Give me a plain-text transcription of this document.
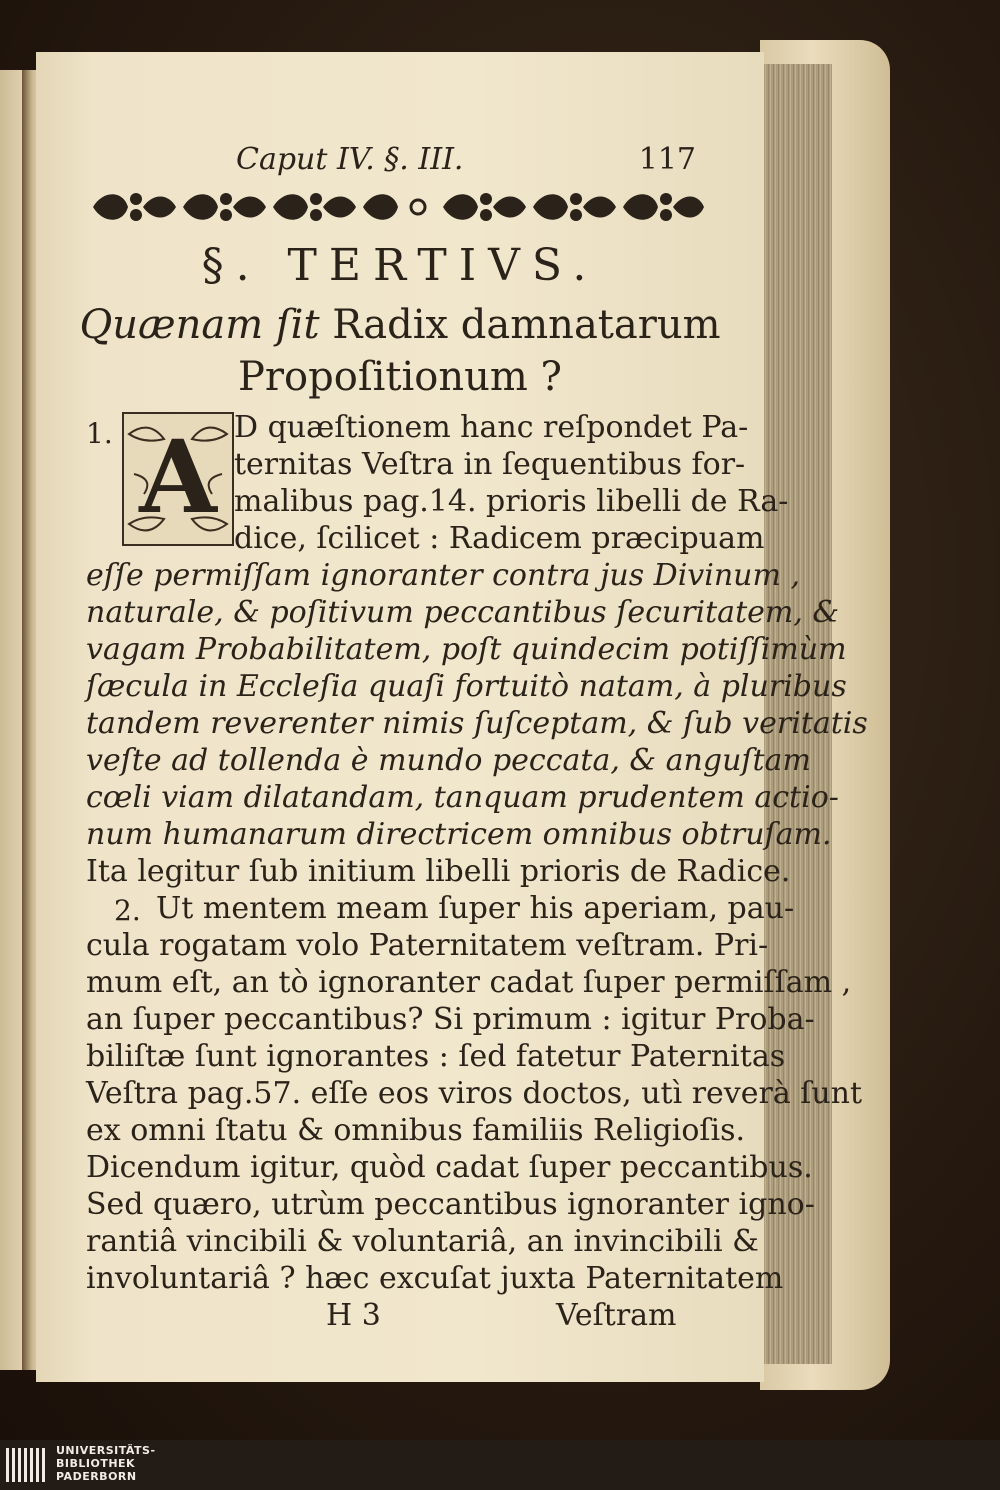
Caput IV. §. III.	117
§. TERTIVS.
Quænam ſit Radix damnatarum
Propoſitionum ?
1. A D quæſtionem hanc reſpondet Pa-
ternitas Veſtra in ſequentibus for-
malibus pag.14. prioris libelli de Ra-
dice, ſcilicet : Radicem præcipuam
eſſe permiſſam ignoranter contra jus Divinum ,
naturale, & poſitivum peccantibus ſecuritatem, &
vagam Probabilitatem, poſt quindecim potiſſimùm
ſæcula in Eccleſia quaſi fortuitò natam, à pluribus
tandem reverenter nimis ſuſceptam, & ſub veritatis
veſte ad tollenda è mundo peccata, & anguſtam
cœli viam dilatandam, tanquam prudentem actio-
num humanarum directricem omnibus obtruſam.
Ita legitur ſub initium libelli prioris de Radice.
2. Ut mentem meam ſuper his aperiam, pau-
cula rogatam volo Paternitatem veſtram. Pri-
mum eſt, an tò ignoranter cadat ſuper permiſſam ,
an ſuper peccantibus? Si primum : igitur Proba-
biliſtæ ſunt ignorantes : ſed fatetur Paternitas
Veſtra pag.57. eſſe eos viros doctos, utì reverà ſunt
ex omni ſtatu & omnibus familiis Religioſis.
Dicendum igitur, quòd cadat ſuper peccantibus.
Sed quæro, utrùm peccantibus ignoranter igno-
rantiâ vincibili & voluntariâ, an invincibili &
involuntariâ ? hæc excuſat juxta Paternitatem
H 3	Veſtram
UNIVERSITÄTS-
BIBLIOTHEK
PADERBORN
